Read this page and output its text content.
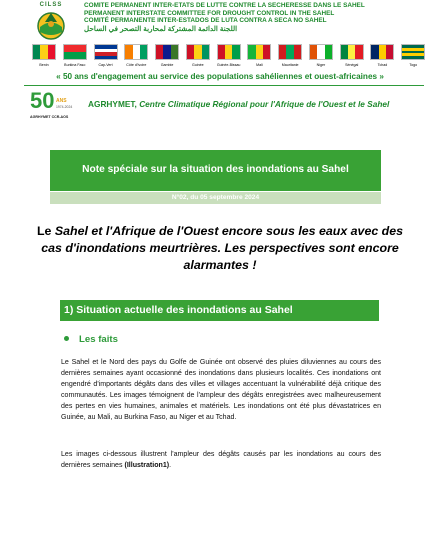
CILSS	COMITE PERMANENT INTER-ETATS DE LUTTE CONTRE LA SECHERESSE DANS LE SAHEL
PERMANENT INTERSTATE COMMITTEE FOR DROUGHT CONTROL IN THE SAHEL
COMITÉ PERMANENTE INTER-ESTADOS DE LUTA CONTRA A SECA NO SAHEL
اللجنة الدائمة المشتركة لمحاربة التصحر في الساحل
Benin	Burkina Faso	Cap-Vert	Côte d'Ivoire	Gambie	Guinée	Guinée-Bissau	Mali	Mauritanie	Niger	Sénégal	Tchad	Togo
« 50 ans d'engagement au service des populations sahéliennes et ouest-africaines »
50 ANS
1974-2024
AGRHYMET CCR-AOS
AGRHYMET, Centre Climatique Régional pour l'Afrique de l'Ouest et le Sahel
Note spéciale sur la situation des inondations au Sahel
N°02, du 05 septembre 2024
Le Sahel et l'Afrique de l'Ouest encore sous les eaux avec des cas d'inondations meurtrières. Les perspectives sont encore alarmantes !
1) Situation actuelle des inondations au Sahel
Les faits
Le Sahel et le Nord des pays du Golfe de Guinée ont observé des pluies diluviennes au cours des dernières semaines ayant occasionné des inondations dans plusieurs localités. Ces inondations ont engendré d'importants dégâts dans des villes et villages accentuant la vulnérabilité déjà critique des communautés. Les images témoignent de l'ampleur des dégâts enregistrées avec malheureusement des pertes en vies humaines, animales et matériels. Les inondations ont été plus dévastatrices en Guinée, au Mali, au Burkina Faso, au Niger et au Tchad.
Les images ci-dessous illustrent l'ampleur des dégâts causés par les inondations au cours des dernières semaines (Illustration1).
